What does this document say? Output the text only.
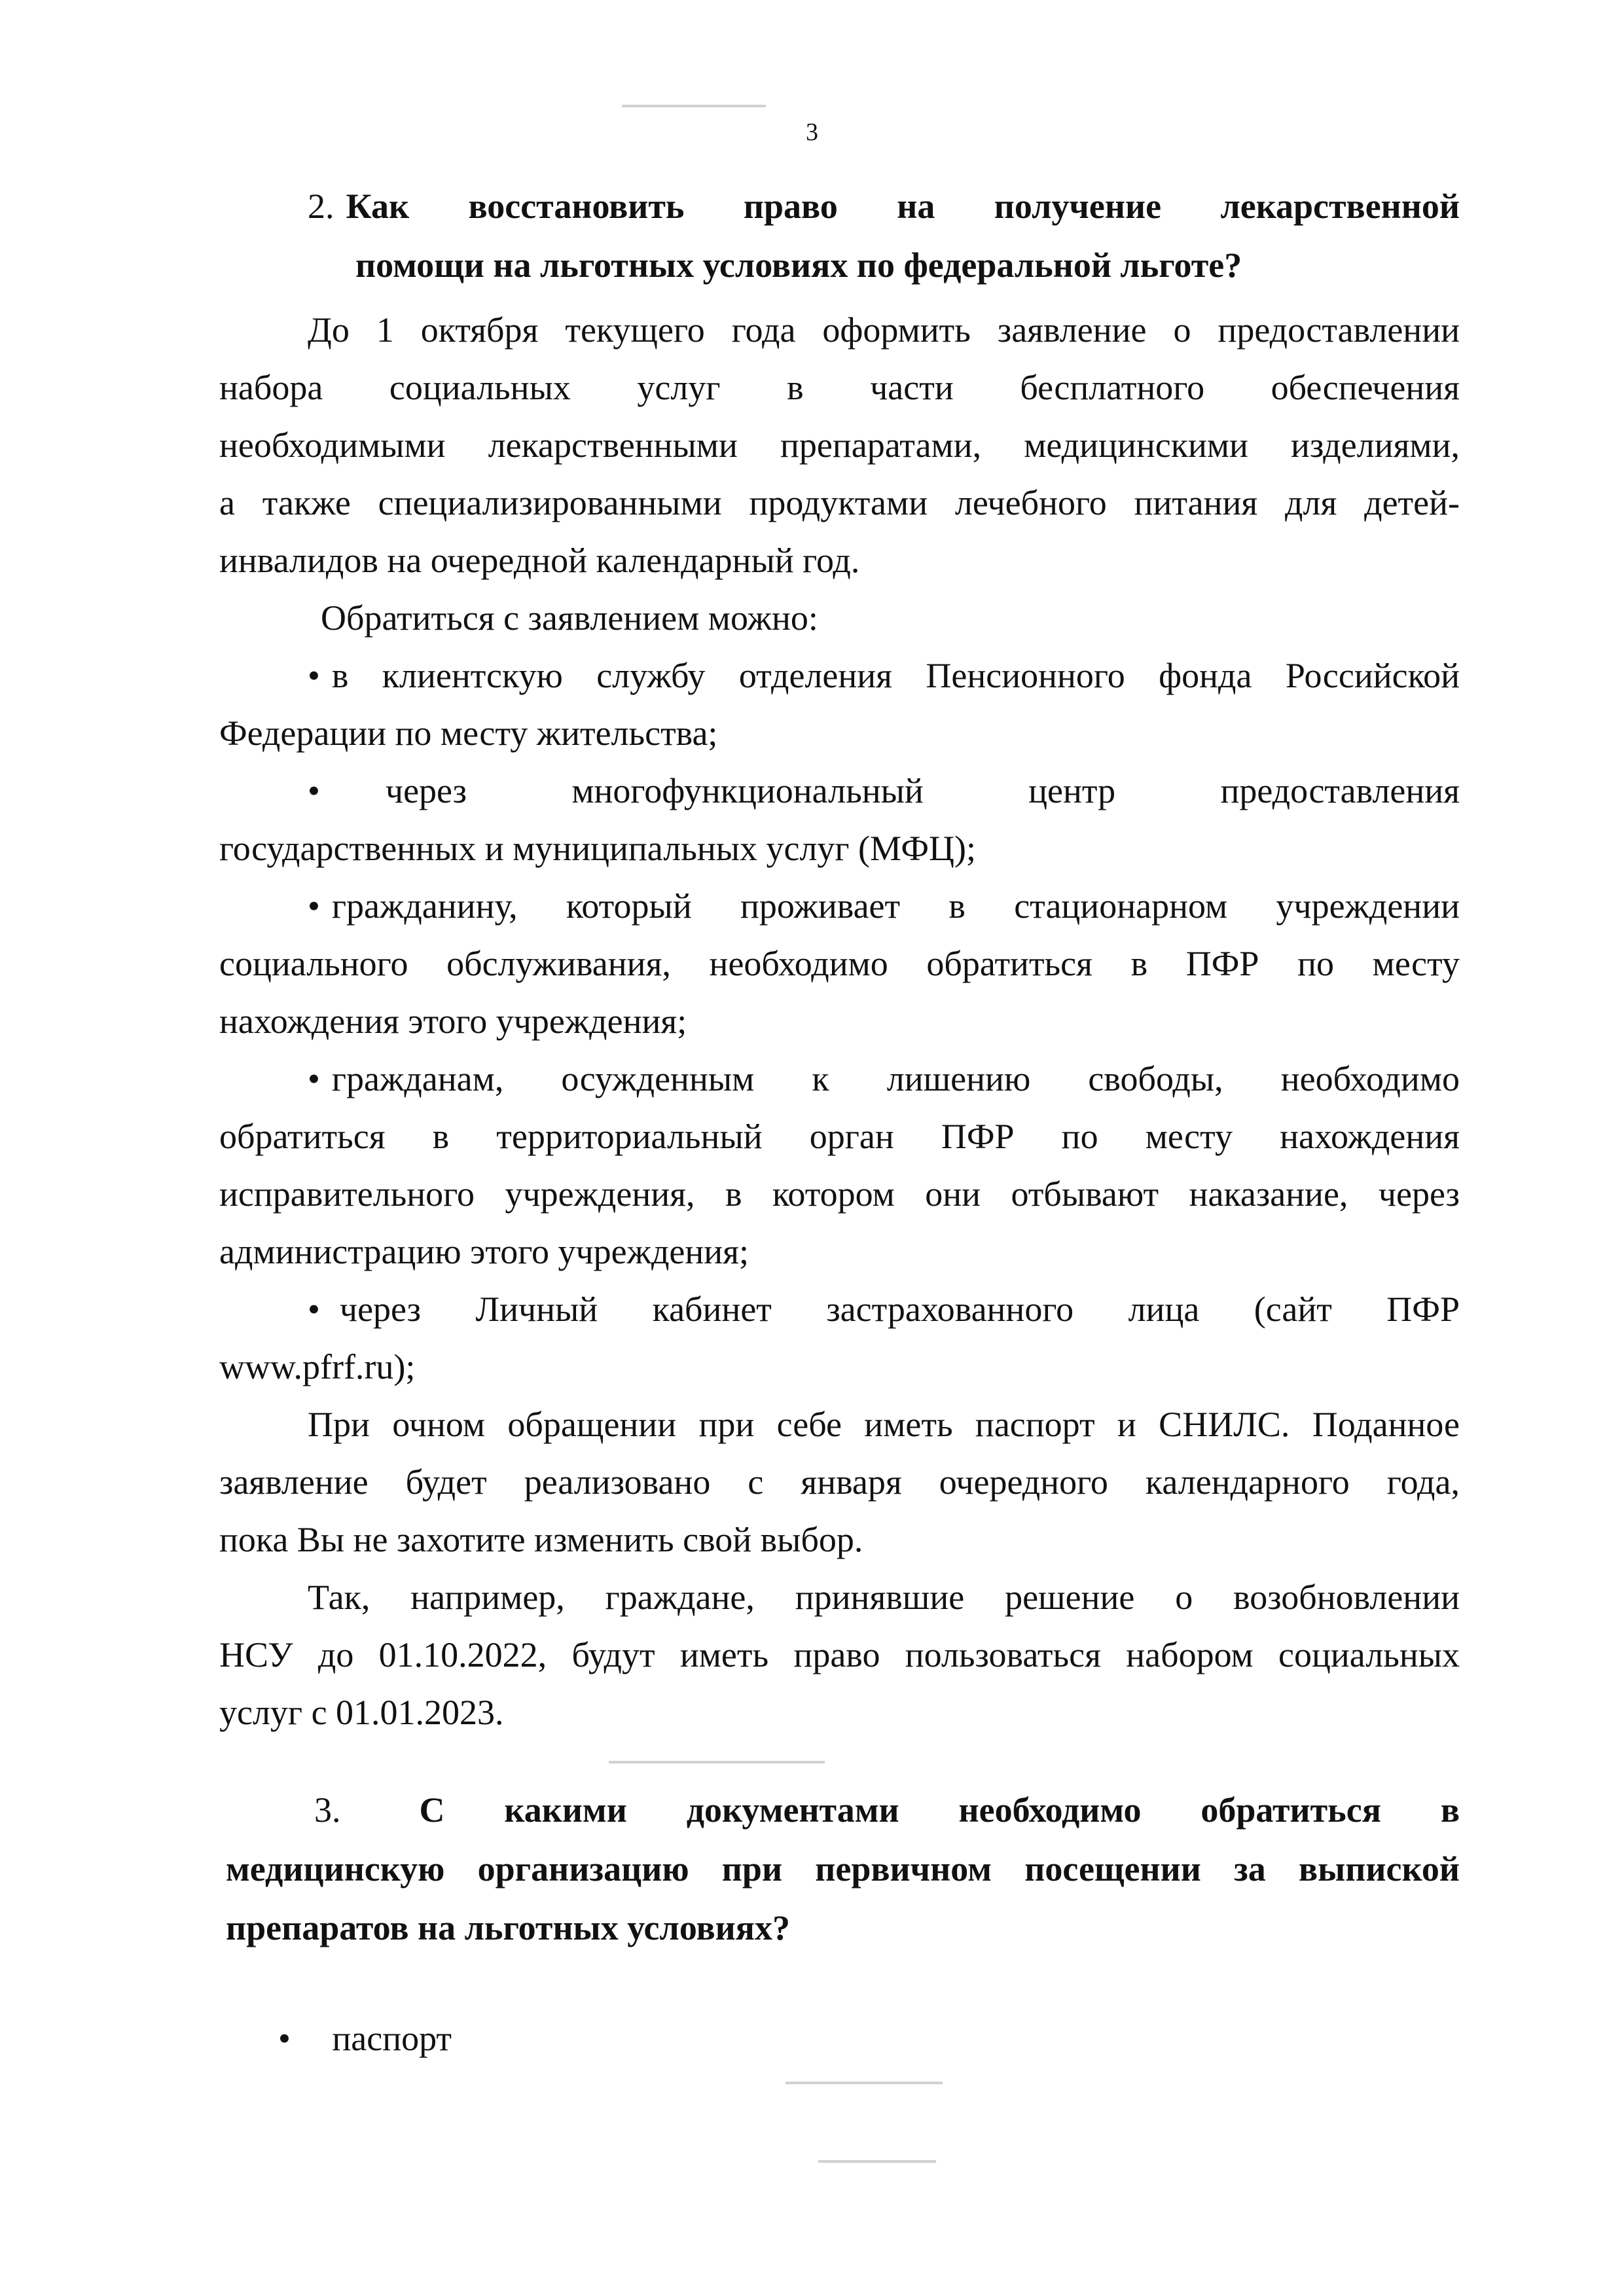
3
2. Как восстановить право на получение лекарственной
помощи на льготных условиях по федеральной льготе?
До 1 октября текущего года оформить заявление о предоставлении
набора социальных услуг в части бесплатного обеспечения
необходимыми лекарственными препаратами, медицинскими изделиями,
а также специализированными продуктами лечебного питания для детей-
инвалидов на очередной календарный год.
Обратиться с заявлением можно:
• в клиентскую службу отделения Пенсионного фонда Российской
Федерации по месту жительства;
• через многофункциональный центр предоставления
государственных и муниципальных услуг (МФЦ);
• гражданину, который проживает в стационарном учреждении
социального обслуживания, необходимо обратиться в ПФР по месту
нахождения этого учреждения;
• гражданам, осужденным к лишению свободы, необходимо
обратиться в территориальный орган ПФР по месту нахождения
исправительного учреждения, в котором они отбывают наказание, через
администрацию этого учреждения;
• через Личный кабинет застрахованного лица (сайт ПФР
www.pfrf.ru);
При очном обращении при себе иметь паспорт и СНИЛС. Поданное
заявление будет реализовано с января очередного календарного года,
пока Вы не захотите изменить свой выбор.
Так, например, граждане, принявшие решение о возобновлении
НСУ до 01.10.2022, будут иметь право пользоваться набором социальных
услуг с 01.01.2023.
3. С какими документами необходимо обратиться в
медицинскую организацию при первичном посещении за выпиской
препаратов на льготных условиях?
• паспорт
